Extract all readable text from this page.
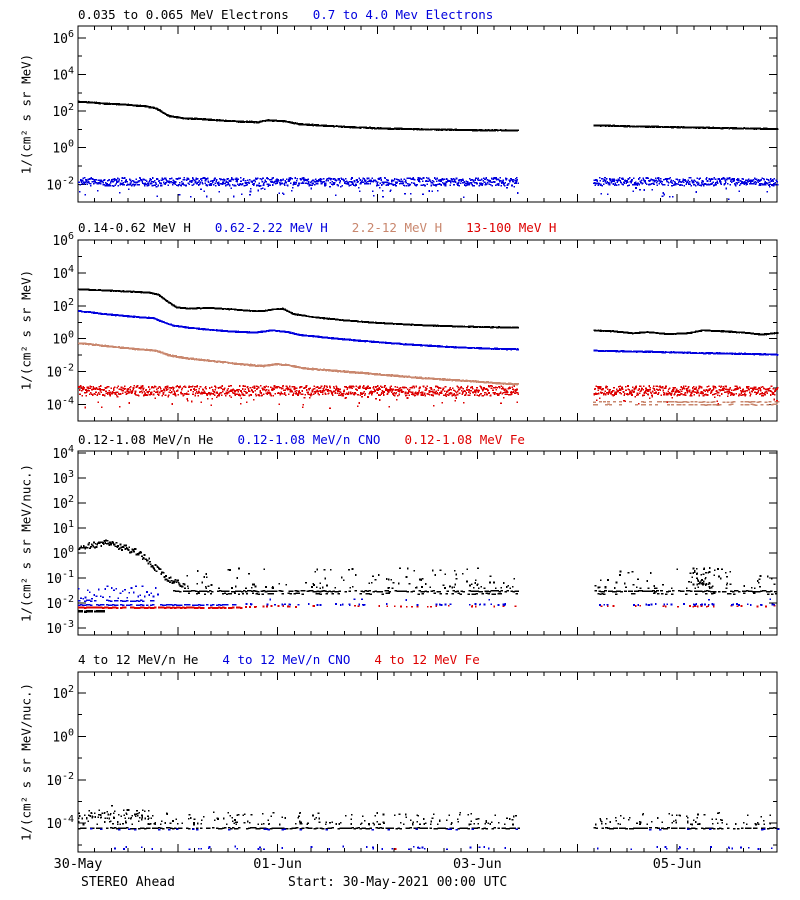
$10^6$
$10^4$
$10^2$
$10^0$
$10^{-2}$
$10^6$
$10^4$
$10^2$
$10^0$
$10^{-2}$
$10^{-4}$
$10^4$
$10^3$
$10^2$
$10^1$
$10^0$
$10^{-1}$
$10^{-2}$
$10^{-3}$
$10^2$
$10^0$
$10^{-2}$
$10^{-4}$
30-May	01-Jun	03-Jun	05-Jun
0.035 to 0.065 MeV Electrons 0.7 to 4.0 Mev Electrons
0.14-0.62 MeV H 0.62-2.22 MeV H 2.2-12 MeV H 13-100 MeV H
0.12-1.08 MeV/n He 0.12-1.08 MeV/n CNO 0.12-1.08 MeV Fe
4 to 12 MeV/n He 4 to 12 MeV/n CNO 4 to 12 MeV Fe
1/(cm² s sr MeV)
1/(cm² s sr MeV)
1/(cm² s sr MeV/nuc.)
1/(cm² s sr MeV/nuc.)
STEREO Ahead	Start: 30-May-2021 00:00 UTC
